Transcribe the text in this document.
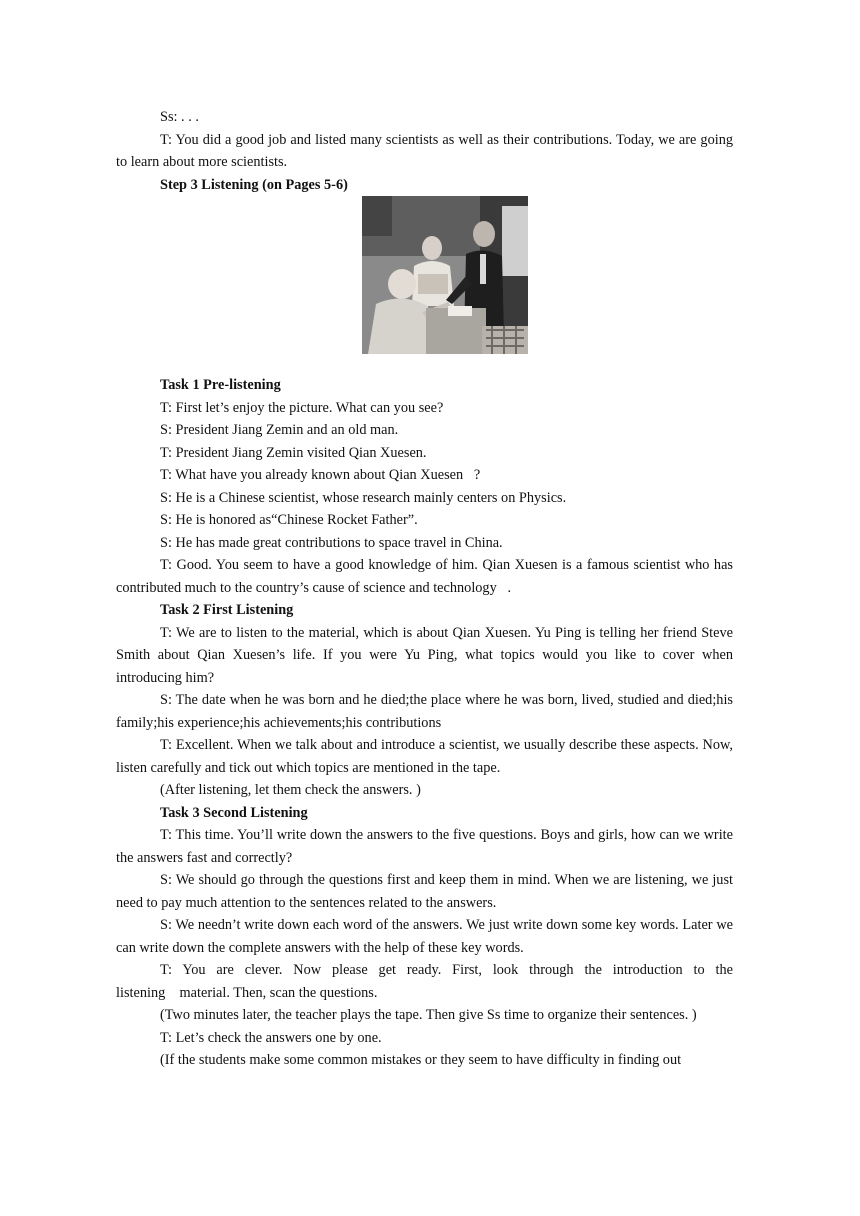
Ss: . . .

T: You did a good job and listed many scientists as well as their contributions. Today, we are going to learn about more scientists.

Step 3 Listening (on Pages 5-6)

Task 1 Pre-listening

T: First let’s enjoy the picture. What can you see?

S: President Jiang Zemin and an old man.

T: President Jiang Zemin visited Qian Xuesen.

T: What have you already known about Qian Xuesen   ?

S: He is a Chinese scientist, whose research mainly centers on Physics.

S: He is honored as“Chinese Rocket Father”.

S: He has made great contributions to space travel in China.

T: Good. You seem to have a good knowledge of him. Qian Xuesen is a famous scientist who has contributed much to the country’s cause of science and technology   .

Task 2 First Listening

T: We are to listen to the material, which is about Qian Xuesen. Yu Ping is telling her friend Steve Smith about Qian Xuesen’s life. If you were Yu Ping, what topics would you like to cover when introducing him?

S: The date when he was born and he died;the place where he was born, lived, studied and died;his family;his experience;his achievements;his contributions

T: Excellent. When we talk about and introduce a scientist, we usually describe these aspects. Now, listen carefully and tick out which topics are mentioned in the tape.

(After listening, let them check the answers. )

Task 3 Second Listening

T: This time. You’ll write down the answers to the five questions. Boys and girls, how can we write the answers fast and correctly?

S: We should go through the questions first and keep them in mind. When we are listening, we just need to pay much attention to the sentences related to the answers.

S: We needn’t write down each word of the answers. We just write down some key words. Later we can write down the complete answers with the help of these key words.

T: You are clever. Now please get ready. First, look through the introduction to the listening    material. Then, scan the questions.

(Two minutes later, the teacher plays the tape. Then give Ss time to organize their sentences. )

T: Let’s check the answers one by one.

(If the students make some common mistakes or they seem to have difficulty in finding out
